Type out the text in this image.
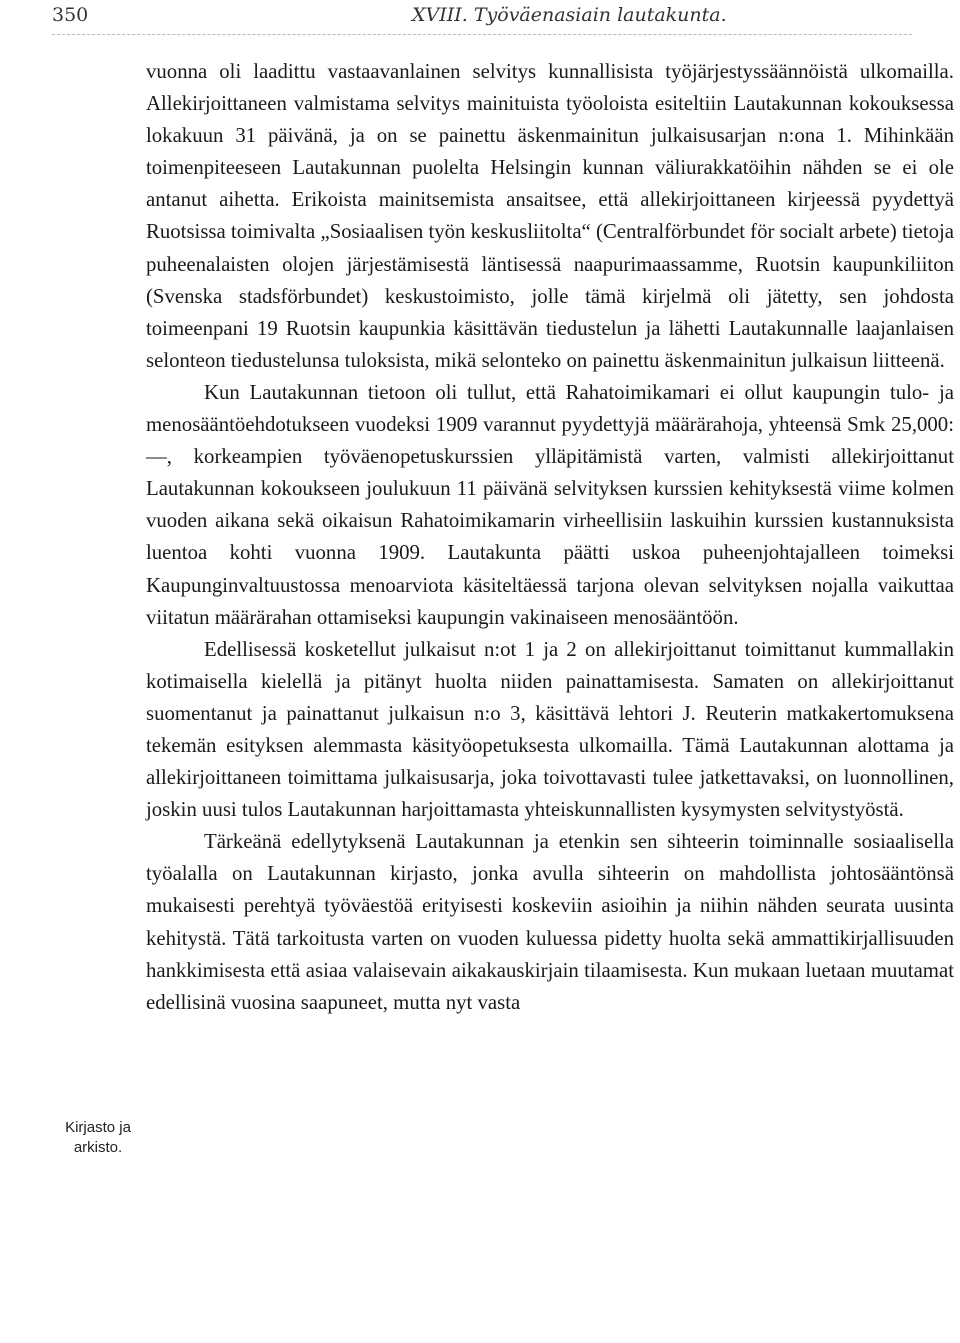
350	XVIII. Työväenasiain lautakunta.

vuonna oli laadittu vastaavanlainen selvitys kunnallisista työjärjestyssäännöistä ulkomailla. Allekirjoittaneen valmistama selvitys mainituista työoloista esiteltiin Lautakunnan kokouksessa lokakuun 31 päivänä, ja on se painettu äskenmainitun julkaisusarjan n:ona 1. Mihinkään toimenpiteeseen Lautakunnan puolelta Helsingin kunnan väliurakkatöihin nähden se ei ole antanut aihetta. Erikoista mainitsemista ansaitsee, että allekirjoittaneen kirjeessä pyydettyä Ruotsissa toimivalta „Sosiaalisen työn keskusliitolta“ (Centralförbundet för socialt arbete) tietoja puheenalaisten olojen järjestämisestä läntisessä naapurimaassamme, Ruotsin kaupunkiliiton (Svenska stadsförbundet) keskustoimisto, jolle tämä kirjelmä oli jätetty, sen johdosta toimeenpani 19 Ruotsin kaupunkia käsittävän tiedustelun ja lähetti Lautakunnalle laajanlaisen selonteon tiedustelunsa tuloksista, mikä selonteko on painettu äskenmainitun julkaisun liitteenä.

Kun Lautakunnan tietoon oli tullut, että Rahatoimikamari ei ollut kaupungin tulo- ja menosääntöehdotukseen vuodeksi 1909 varannut pyydettyjä määrärahoja, yhteensä Smk 25,000: —, korkeampien työväenopetuskurssien ylläpitämistä varten, valmisti allekirjoittanut Lautakunnan kokoukseen joulukuun 11 päivänä selvityksen kurssien kehityksestä viime kolmen vuoden aikana sekä oikaisun Rahatoimikamarin virheellisiin laskuihin kurssien kustannuksista luentoa kohti vuonna 1909. Lautakunta päätti uskoa puheenjohtajalleen toimeksi Kaupunginvaltuustossa menoarviota käsiteltäessä tarjona olevan selvityksen nojalla vaikuttaa viitatun määrärahan ottamiseksi kaupungin vakinaiseen menosääntöön.

Edellisessä kosketellut julkaisut n:ot 1 ja 2 on allekirjoittanut toimittanut kummallakin kotimaisella kielellä ja pitänyt huolta niiden painattamisesta. Samaten on allekirjoittanut suomentanut ja painattanut julkaisun n:o 3, käsittävä lehtori J. Reuterin matkakertomuksena tekemän esityksen alemmasta käsityöopetuksesta ulkomailla. Tämä Lautakunnan alottama ja allekirjoittaneen toimittama julkaisusarja, joka toivottavasti tulee jatkettavaksi, on luonnollinen, joskin uusi tulos Lautakunnan harjoittamasta yhteiskunnallisten kysymysten selvitystyöstä.

Tärkeänä edellytyksenä Lautakunnan ja etenkin sen sihteerin toiminnalle sosiaalisella työalalla on Lautakunnan kirjasto, jonka avulla sihteerin on mahdollista johtosääntönsä mukaisesti perehtyä työväestöä erityisesti koskeviin asioihin ja niihin nähden seurata uusinta kehitystä. Tätä tarkoitusta varten on vuoden kuluessa pidetty huolta sekä ammattikirjallisuuden hankkimisesta että asiaa valaisevain aikakauskirjain tilaamisesta. Kun mukaan luetaan muutamat edellisinä vuosina saapuneet, mutta nyt vasta

Kirjasto ja
arkisto.
